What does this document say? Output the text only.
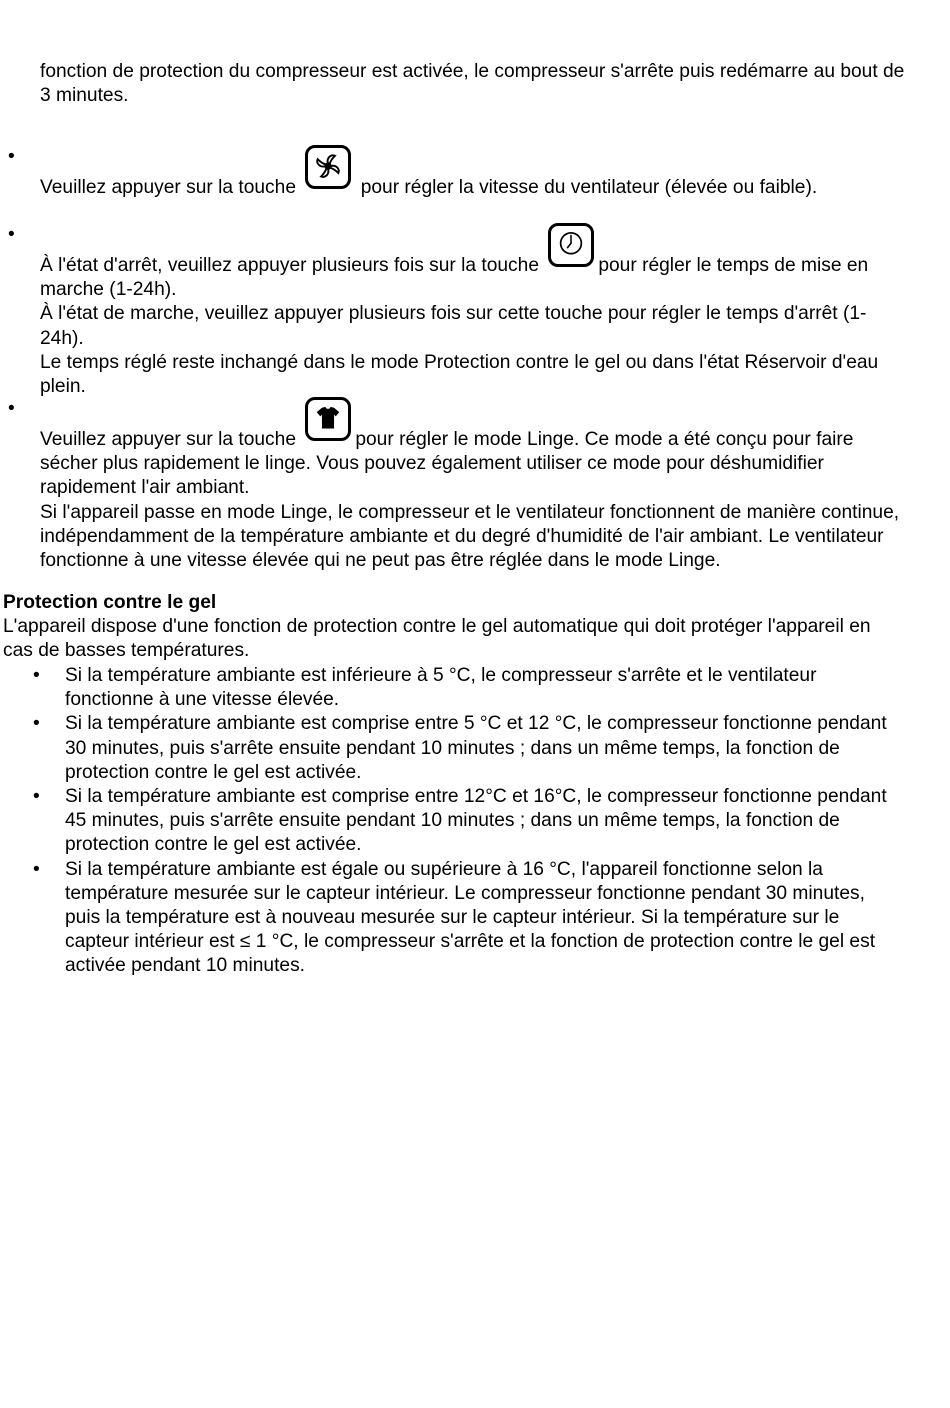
fonction de protection du compresseur est activée, le compresseur s'arrête puis redémarre au bout de 3 minutes.

• Veuillez appuyer sur la touche	pour régler la vitesse du ventilateur (élevée ou faible).

• À l'état d'arrêt, veuillez appuyer plusieurs fois sur la touche	pour régler le temps de mise en marche (1-24h).

À l'état de marche, veuillez appuyer plusieurs fois sur cette touche pour régler le temps d'arrêt (1-24h).

Le temps réglé reste inchangé dans le mode Protection contre le gel ou dans l'état Réservoir d'eau plein.

• Veuillez appuyer sur la touche	pour régler le mode Linge. Ce mode a été conçu pour faire sécher plus rapidement le linge. Vous pouvez également utiliser ce mode pour déshumidifier rapidement l'air ambiant.

Si l'appareil passe en mode Linge, le compresseur et le ventilateur fonctionnent de manière continue, indépendamment de la température ambiante et du degré d'humidité de l'air ambiant. Le ventilateur fonctionne à une vitesse élevée qui ne peut pas être réglée dans le mode Linge.

Protection contre le gel

L'appareil dispose d'une fonction de protection contre le gel automatique qui doit protéger l'appareil en cas de basses températures.

• Si la température ambiante est inférieure à 5 °C, le compresseur s'arrête et le ventilateur fonctionne à une vitesse élevée.
• Si la température ambiante est comprise entre 5 °C et 12 °C, le compresseur fonctionne pendant 30 minutes, puis s'arrête ensuite pendant 10 minutes ; dans un même temps, la fonction de protection contre le gel est activée.
• Si la température ambiante est comprise entre 12°C et 16°C, le compresseur fonctionne pendant 45 minutes, puis s'arrête ensuite pendant 10 minutes ; dans un même temps, la fonction de protection contre le gel est activée.
• Si la température ambiante est égale ou supérieure à 16 °C, l'appareil fonctionne selon la température mesurée sur le capteur intérieur. Le compresseur fonctionne pendant 30 minutes, puis la température est à nouveau mesurée sur le capteur intérieur. Si la température sur le capteur intérieur est ≤ 1 °C, le compresseur s'arrête et la fonction de protection contre le gel est activée pendant 10 minutes.
